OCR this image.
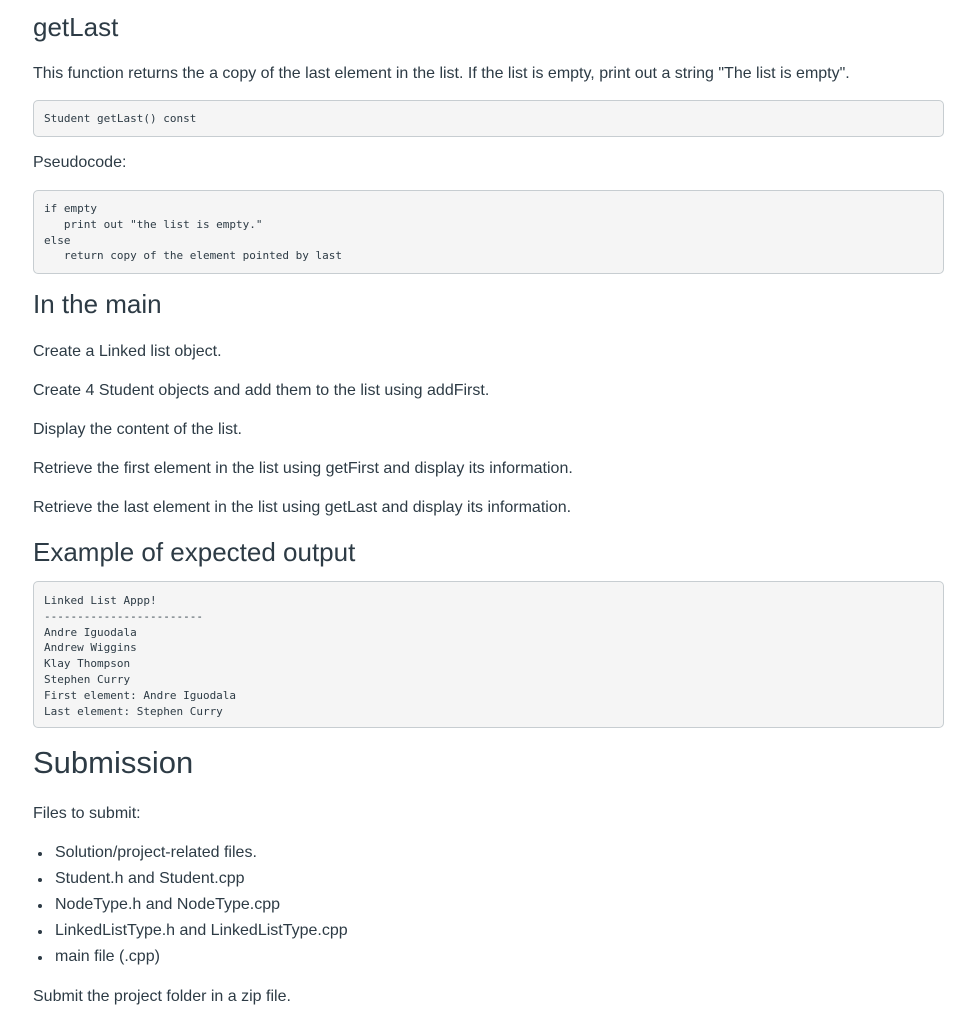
getLast

This function returns the a copy of the last element in the list. If the list is empty, print out a string "The list is empty".

Student getLast() const

Pseudocode:

if empty
print out "the list is empty."
else
return copy of the element pointed by last
In the main

Create a Linked list object.

Create 4 Student objects and add them to the list using addFirst.

Display the content of the list.

Retrieve the first element in the list using getFirst and display its information.

Retrieve the last element in the list using getLast and display its information.

Example of expected output
Linked List Appp!
------------------------
Andre Iguodala
Andrew Wiggins
Klay Thompson
Stephen Curry
First element: Andre Iguodala
Last element: Stephen Curry
Submission

Files to submit:

Solution/project-related files.
Student.h and Student.cpp
NodeType.h and NodeType.cpp
LinkedListType.h and LinkedListType.cpp
main file (.cpp)

Submit the project folder in a zip file.
